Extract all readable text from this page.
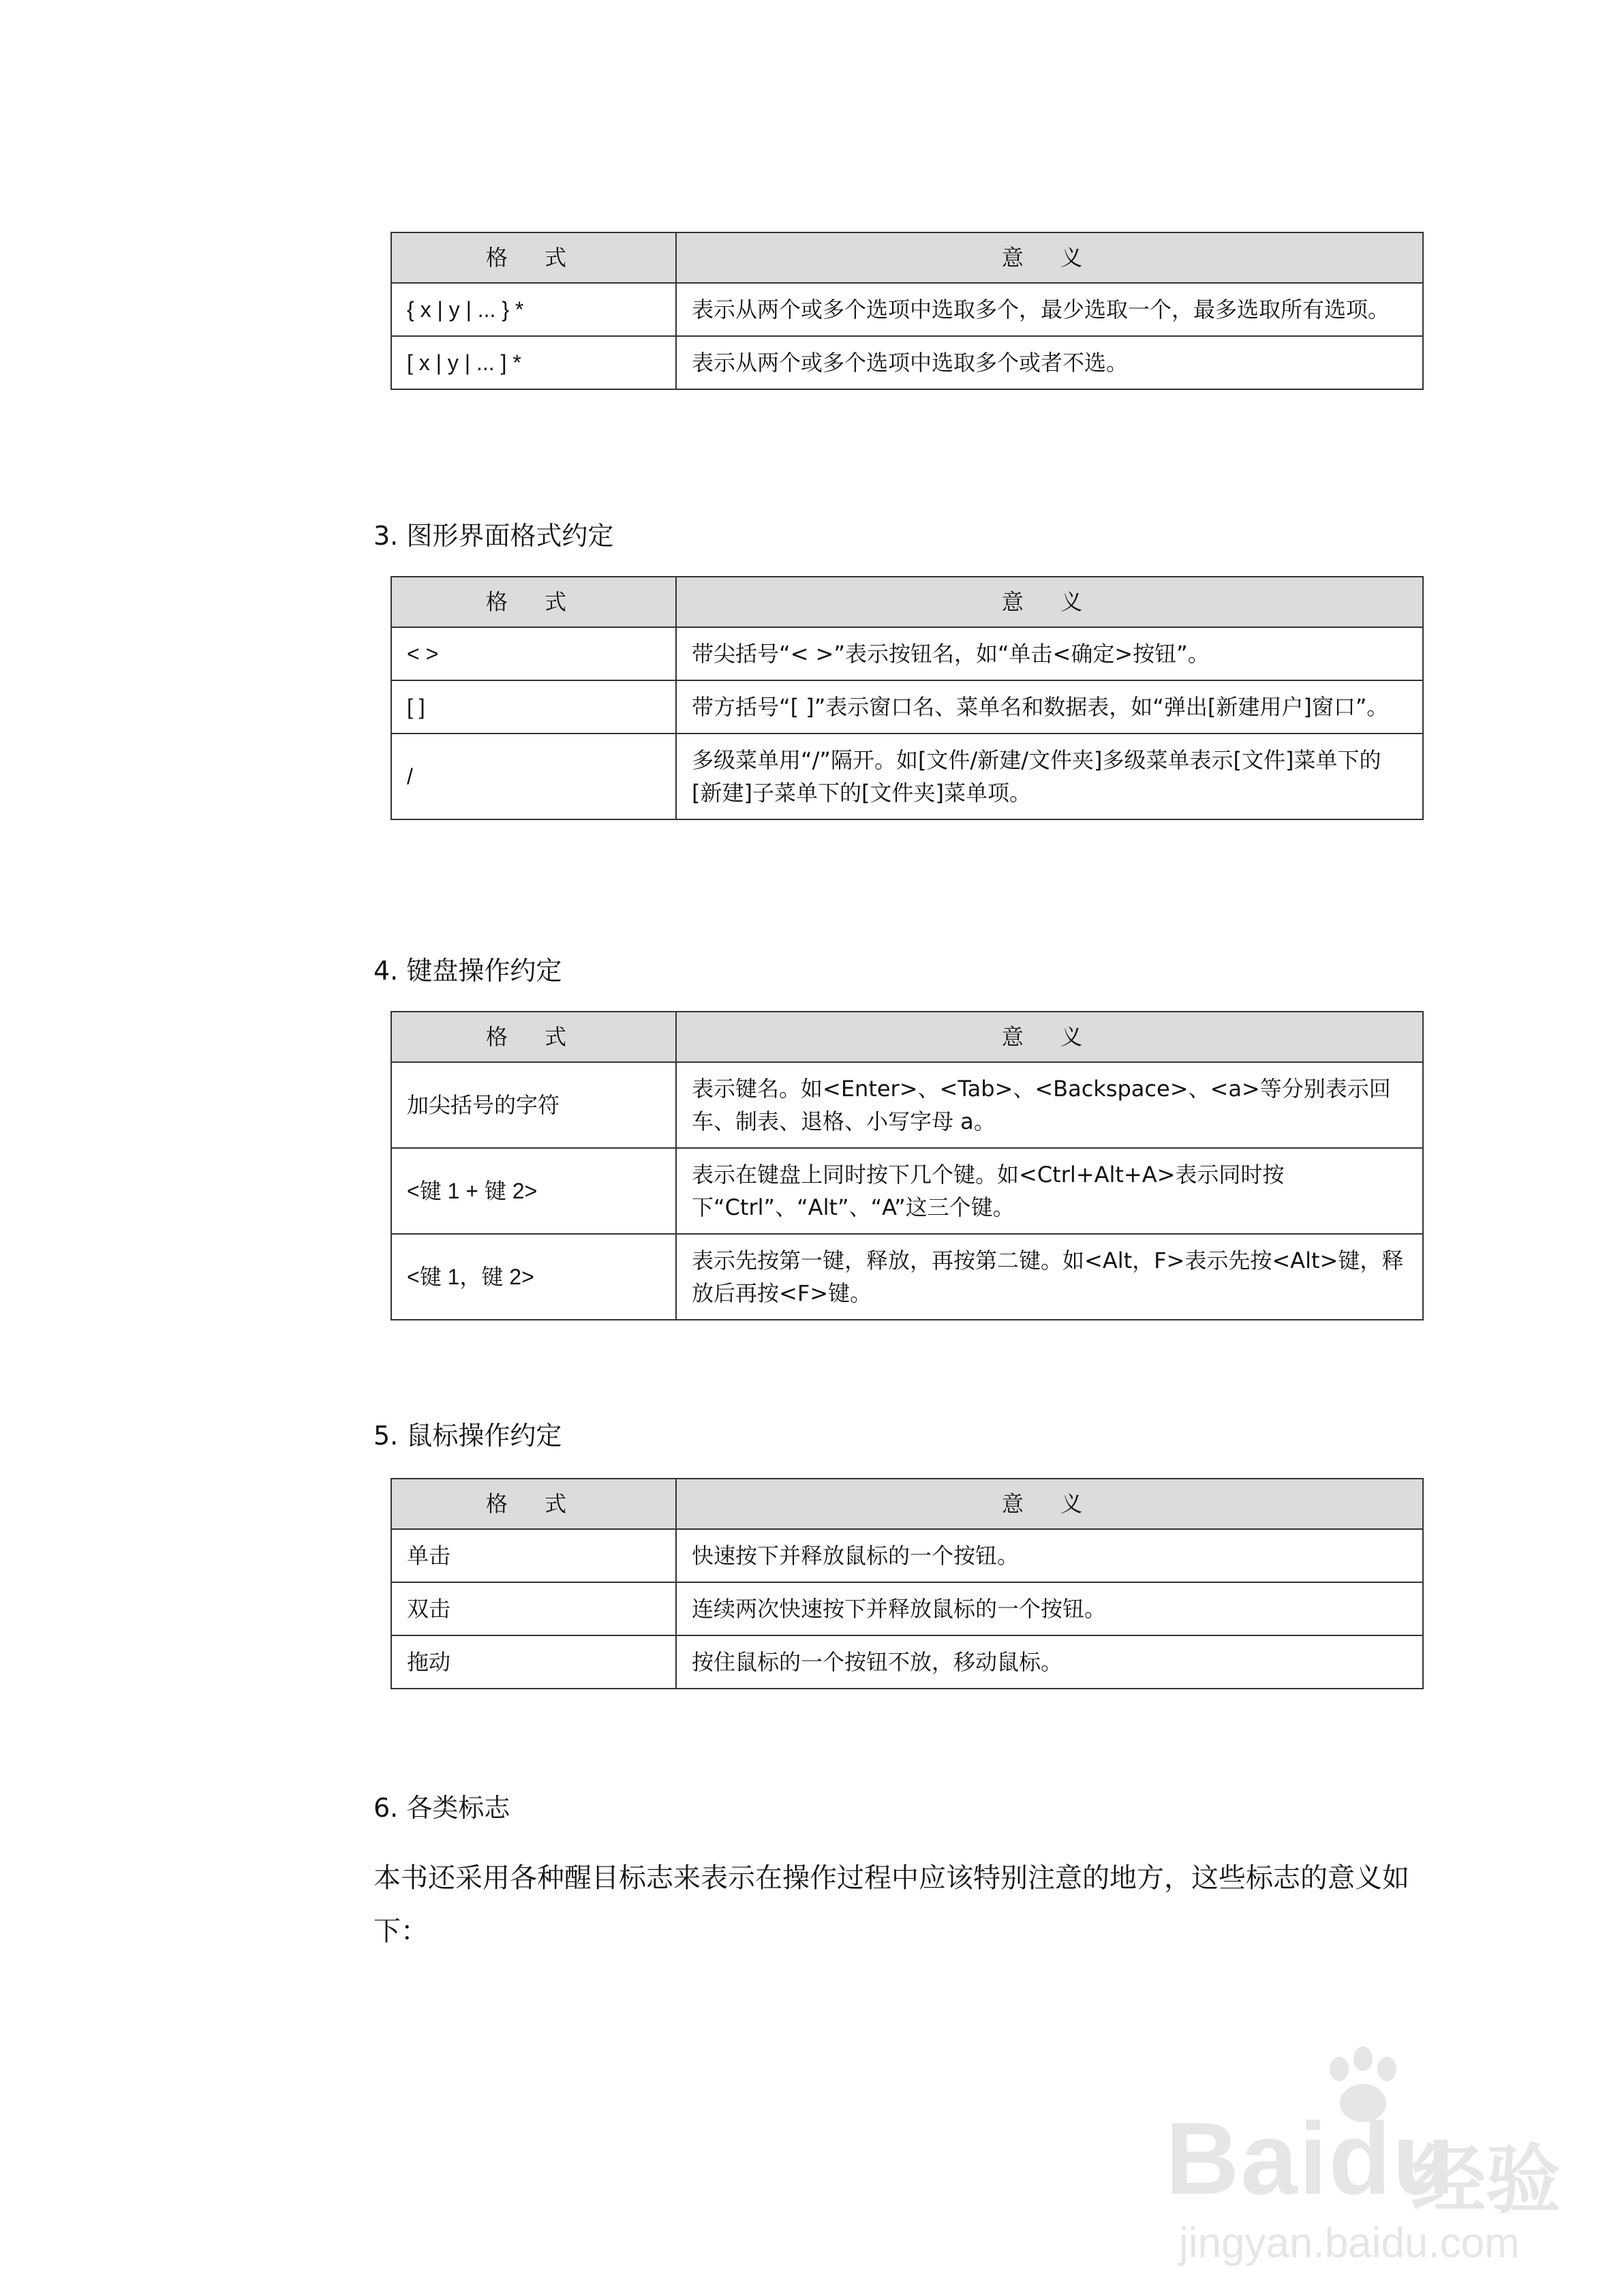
格 式	意 义
{ x | y | ... } *	表示从两个或多个选项中选取多个，最少选取一个，最多选取所有选项。
[ x | y | ... ] *	表示从两个或多个选项中选取多个或者不选。
3. 图形界面格式约定
格 式	意 义
< >	带尖括号“< >”表示按钮名，如“单击<确定>按钮”。
[ ]	带方括号“[ ]”表示窗口名、菜单名和数据表，如“弹出[新建用户]窗口”。
/	多级菜单用“/”隔开。如[文件/新建/文件夹]多级菜单表示[文件]菜单下的[新建]子菜单下的[文件夹]菜单项。
4. 键盘操作约定
格 式	意 义
加尖括号的字符	表示键名。如<Enter>、<Tab>、<Backspace>、<a>等分别表示回车、制表、退格、小写字母 a。
<键 1 + 键 2>	表示在键盘上同时按下几个键。如<Ctrl+Alt+A>表示同时按下“Ctrl”、“Alt”、“A”这三个键。
<键 1，键 2>	表示先按第一键，释放，再按第二键。如<Alt，F>表示先按<Alt>键，释放后再按<F>键。
5. 鼠标操作约定
格 式	意 义
单击	快速按下并释放鼠标的一个按钮。
双击	连续两次快速按下并释放鼠标的一个按钮。
拖动	按住鼠标的一个按钮不放，移动鼠标。
6. 各类标志
本书还采用各种醒目标志来表示在操作过程中应该特别注意的地方，这些标志的意义如下：
Baidu
经验
jingyan.baidu.com
